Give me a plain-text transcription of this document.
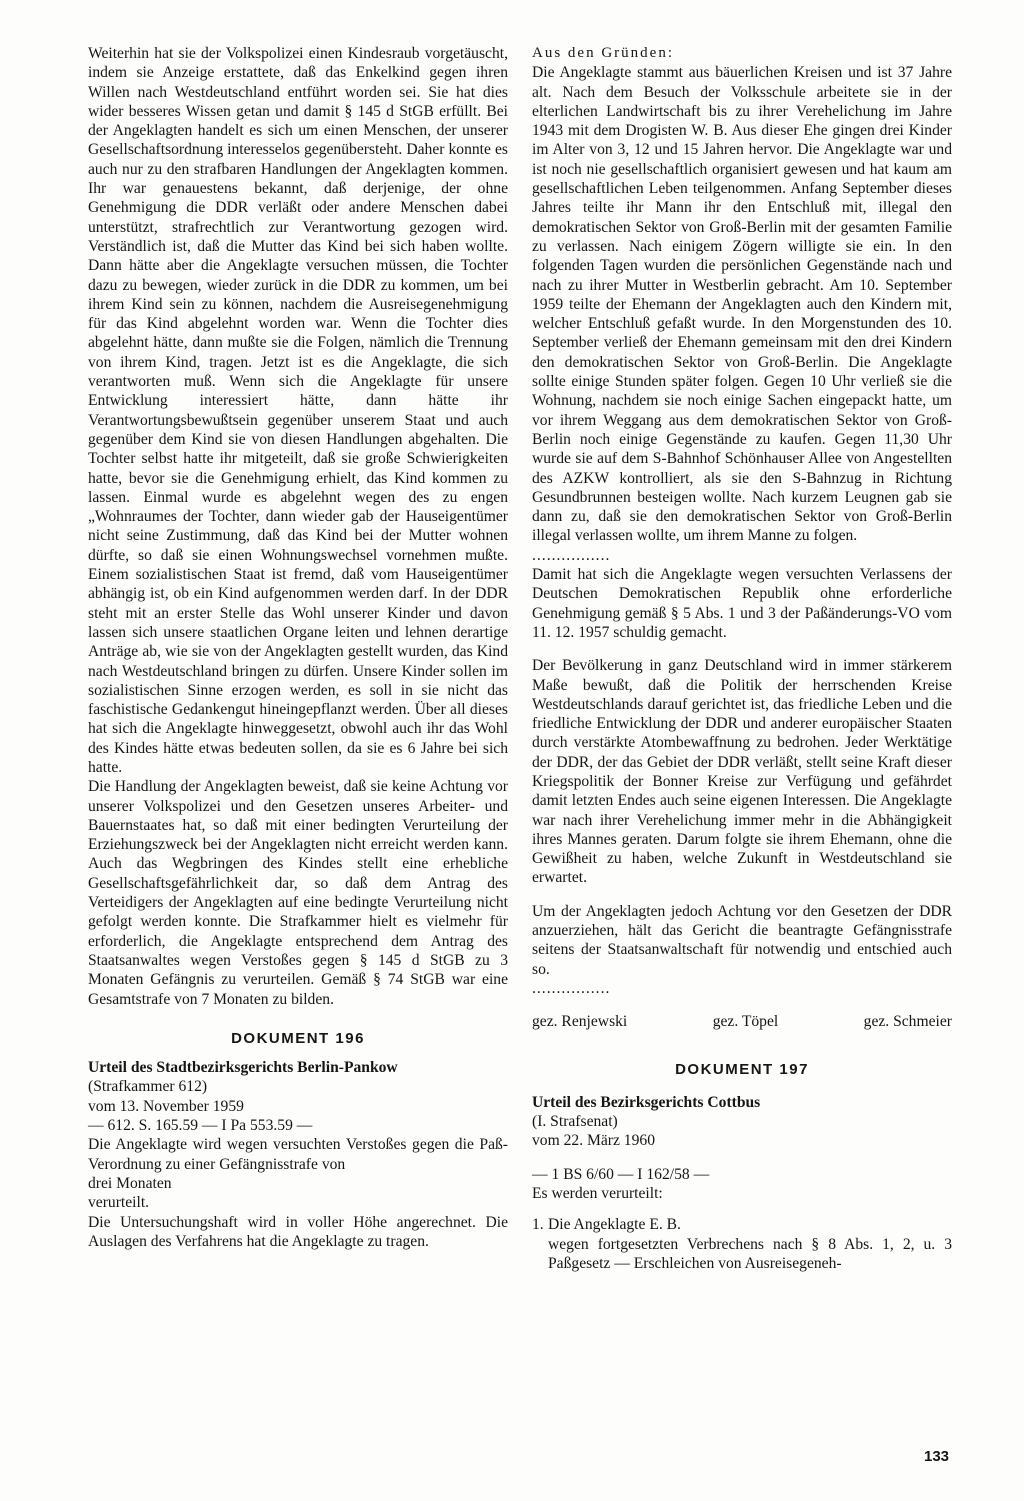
Weiterhin hat sie der Volkspolizei einen Kindesraub vorgetäuscht, indem sie Anzeige erstattete, daß das Enkelkind gegen ihren Willen nach Westdeutschland entführt worden sei. Sie hat dies wider besseres Wissen getan und damit § 145 d StGB erfüllt. Bei der Angeklagten handelt es sich um einen Menschen, der unserer Gesellschaftsordnung interesselos gegenübersteht. Daher konnte es auch nur zu den strafbaren Handlungen der Angeklagten kommen. Ihr war genauestens bekannt, daß derjenige, der ohne Genehmigung die DDR verläßt oder andere Menschen dabei unterstützt, strafrechtlich zur Verantwortung gezogen wird. Verständlich ist, daß die Mutter das Kind bei sich haben wollte. Dann hätte aber die Angeklagte versuchen müssen, die Tochter dazu zu bewegen, wieder zurück in die DDR zu kommen, um bei ihrem Kind sein zu können, nachdem die Ausreisegenehmigung für das Kind abgelehnt worden war. Wenn die Tochter dies abgelehnt hätte, dann mußte sie die Folgen, nämlich die Trennung von ihrem Kind, tragen. Jetzt ist es die Angeklagte, die sich verantworten muß. Wenn sich die Angeklagte für unsere Entwicklung interessiert hätte, dann hätte ihr Verantwortungsbewußtsein gegenüber unserem Staat und auch gegenüber dem Kind sie von diesen Handlungen abgehalten. Die Tochter selbst hatte ihr mitgeteilt, daß sie große Schwierigkeiten hatte, bevor sie die Genehmigung erhielt, das Kind kommen zu lassen. Einmal wurde es abgelehnt wegen des zu engen „Wohnraumes der Tochter, dann wieder gab der Hauseigentümer nicht seine Zustimmung, daß das Kind bei der Mutter wohnen dürfte, so daß sie einen Wohnungswechsel vornehmen mußte. Einem sozialistischen Staat ist fremd, daß vom Hauseigentümer abhängig ist, ob ein Kind aufgenommen werden darf. In der DDR steht mit an erster Stelle das Wohl unserer Kinder und davon lassen sich unsere staatlichen Organe leiten und lehnen derartige Anträge ab, wie sie von der Angeklagten gestellt wurden, das Kind nach Westdeutschland bringen zu dürfen. Unsere Kinder sollen im sozialistischen Sinne erzogen werden, es soll in sie nicht das faschistische Gedankengut hineingepflanzt werden. Über all dieses hat sich die Angeklagte hinweggesetzt, obwohl auch ihr das Wohl des Kindes hätte etwas bedeuten sollen, da sie es 6 Jahre bei sich hatte.

Die Handlung der Angeklagten beweist, daß sie keine Achtung vor unserer Volkspolizei und den Gesetzen unseres Arbeiter- und Bauernstaates hat, so daß mit einer bedingten Verurteilung der Erziehungszweck bei der Angeklagten nicht erreicht werden kann. Auch das Wegbringen des Kindes stellt eine erhebliche Gesellschaftsgefährlichkeit dar, so daß dem Antrag des Verteidigers der Angeklagten auf eine bedingte Verurteilung nicht gefolgt werden konnte. Die Strafkammer hielt es vielmehr für erforderlich, die Angeklagte entsprechend dem Antrag des Staatsanwaltes wegen Verstoßes gegen § 145 d StGB zu 3 Monaten Gefängnis zu verurteilen. Gemäß § 74 StGB war eine Gesamtstrafe von 7 Monaten zu bilden.

DOKUMENT 196

Urteil des Stadtbezirksgerichts Berlin-Pankow

(Strafkammer 612)

vom 13. November 1959

— 612. S. 165.59 — I Pa 553.59 —

Die Angeklagte wird wegen versuchten Verstoßes gegen die Paß-Verordnung zu einer Gefängnisstrafe von

drei Monaten

verurteilt.

Die Untersuchungshaft wird in voller Höhe angerechnet. Die Auslagen des Verfahrens hat die Angeklagte zu tragen.

Aus den Gründen:

Die Angeklagte stammt aus bäuerlichen Kreisen und ist 37 Jahre alt. Nach dem Besuch der Volksschule arbeitete sie in der elterlichen Landwirtschaft bis zu ihrer Verehelichung im Jahre 1943 mit dem Drogisten W. B. Aus dieser Ehe gingen drei Kinder im Alter von 3, 12 und 15 Jahren hervor. Die Angeklagte war und ist noch nie gesellschaftlich organisiert gewesen und hat kaum am gesellschaftlichen Leben teilgenommen. Anfang September dieses Jahres teilte ihr Mann ihr den Entschluß mit, illegal den demokratischen Sektor von Groß-Berlin mit der gesamten Familie zu verlassen. Nach einigem Zögern willigte sie ein. In den folgenden Tagen wurden die persönlichen Gegenstände nach und nach zu ihrer Mutter in Westberlin gebracht. Am 10. September 1959 teilte der Ehemann der Angeklagten auch den Kindern mit, welcher Entschluß gefaßt wurde. In den Morgenstunden des 10. September verließ der Ehemann gemeinsam mit den drei Kindern den demokratischen Sektor von Groß-Berlin. Die Angeklagte sollte einige Stunden später folgen. Gegen 10 Uhr verließ sie die Wohnung, nachdem sie noch einige Sachen eingepackt hatte, um vor ihrem Weggang aus dem demokratischen Sektor von Groß-Berlin noch einige Gegenstände zu kaufen. Gegen 11,30 Uhr wurde sie auf dem S-Bahnhof Schönhauser Allee von Angestellten des AZKW kontrolliert, als sie den S-Bahnzug in Richtung Gesundbrunnen besteigen wollte. Nach kurzem Leugnen gab sie dann zu, daß sie den demokratischen Sektor von Groß-Berlin illegal verlassen wollte, um ihrem Manne zu folgen.

................

Damit hat sich die Angeklagte wegen versuchten Verlassens der Deutschen Demokratischen Republik ohne erforderliche Genehmigung gemäß § 5 Abs. 1 und 3 der Paßänderungs-VO vom 11. 12. 1957 schuldig gemacht.

Der Bevölkerung in ganz Deutschland wird in immer stärkerem Maße bewußt, daß die Politik der herrschenden Kreise Westdeutschlands darauf gerichtet ist, das friedliche Leben und die friedliche Entwicklung der DDR und anderer europäischer Staaten durch verstärkte Atombewaffnung zu bedrohen. Jeder Werktätige der DDR, der das Gebiet der DDR verläßt, stellt seine Kraft dieser Kriegspolitik der Bonner Kreise zur Verfügung und gefährdet damit letzten Endes auch seine eigenen Interessen. Die Angeklagte war nach ihrer Verehelichung immer mehr in die Abhängigkeit ihres Mannes geraten. Darum folgte sie ihrem Ehemann, ohne die Gewißheit zu haben, welche Zukunft in Westdeutschland sie erwartet.

Um der Angeklagten jedoch Achtung vor den Gesetzen der DDR anzuerziehen, hält das Gericht die beantragte Gefängnisstrafe seitens der Staatsanwaltschaft für notwendig und entschied auch so.

................

gez. Renjewski	gez. Töpel	gez. Schmeier
DOKUMENT 197

Urteil des Bezirksgerichts Cottbus

(I. Strafsenat)

vom 22. März 1960

— 1 BS 6/60 — I 162/58 —

Es werden verurteilt:

1. Die Angeklagte E. B.
wegen fortgesetzten Verbrechens nach § 8 Abs. 1, 2, u. 3 Paßgesetz — Erschleichen von Ausreisegeneh-
133
